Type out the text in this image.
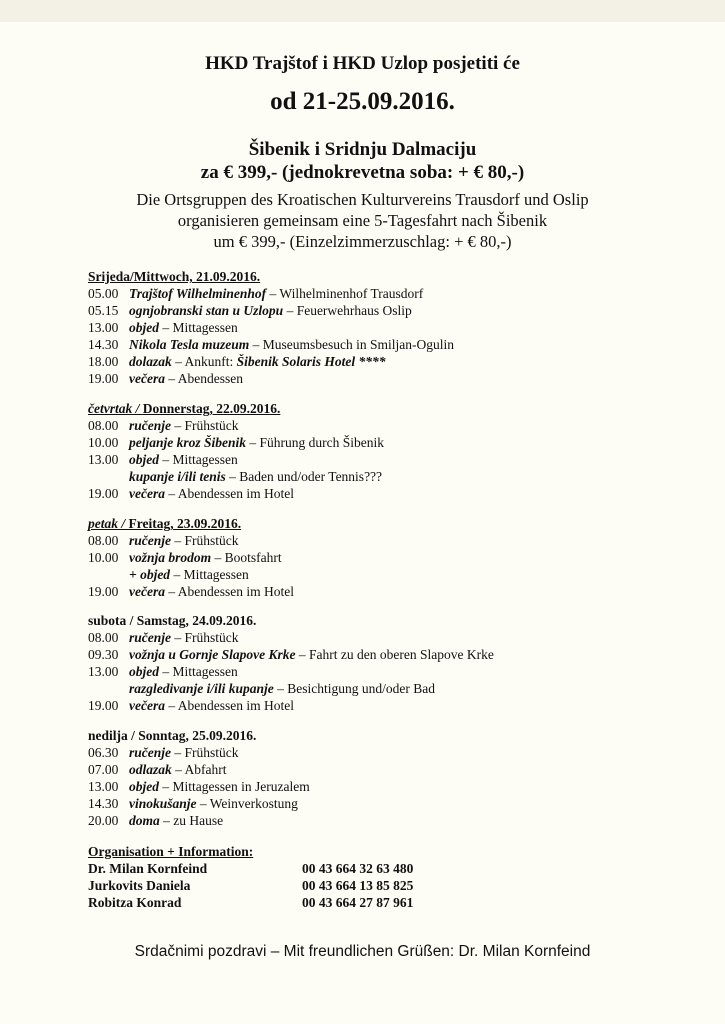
HKD Trajštof i HKD Uzlop posjetiti će
od 21-25.09.2016.
Šibenik i Sridnju Dalmaciju
za € 399,- (jednokrevetna soba: + € 80,-)
Die Ortsgruppen des Kroatischen Kulturvereins Trausdorf und Oslip
organisieren gemeinsam eine 5-Tagesfahrt nach Šibenik
um € 399,- (Einzelzimmerzuschlag: + € 80,-)
Srijeda/Mittwoch, 21.09.2016.
05.00 Trajštof Wilhelminenhof – Wilhelminenhof Trausdorf
05.15 ognjobranski stan u Uzlopu – Feuerwehrhaus Oslip
13.00 objed – Mittagessen
14.30 Nikola Tesla muzeum – Museumsbesuch in Smiljan-Ogulin
18.00 dolazak – Ankunft: Šibenik Solaris Hotel ****
19.00 večera – Abendessen
četvrtak / Donnerstag, 22.09.2016.
08.00 ručenje – Frühstück
10.00 peljanje kroz Šibenik – Führung durch Šibenik
13.00 objed – Mittagessen
kupanje i/ili tenis – Baden und/oder Tennis???
19.00 večera – Abendessen im Hotel
petak / Freitag, 23.09.2016.
08.00 ručenje – Frühstück
10.00 vožnja brodom – Bootsfahrt
+ objed – Mittagessen
19.00 večera – Abendessen im Hotel
subota / Samstag, 24.09.2016.
08.00 ručenje – Frühstück
09.30 vožnja u Gornje Slapove Krke – Fahrt zu den oberen Slapove Krke
13.00 objed – Mittagessen
razgledivanje i/ili kupanje – Besichtigung und/oder Bad
19.00 večera – Abendessen im Hotel
nedilja / Sonntag, 25.09.2016.
06.30 ručenje – Frühstück
07.00 odlazak – Abfahrt
13.00 objed – Mittagessen in Jeruzalem
14.30 vinokušanje – Weinverkostung
20.00 doma – zu Hause
Organisation + Information:
Dr. Milan Kornfeind	00 43 664 32 63 480
Jurkovits Daniela	00 43 664 13 85 825
Robitza Konrad	00 43 664 27 87 961
Srdačnimi pozdravi – Mit freundlichen Grüßen: Dr. Milan Kornfeind
